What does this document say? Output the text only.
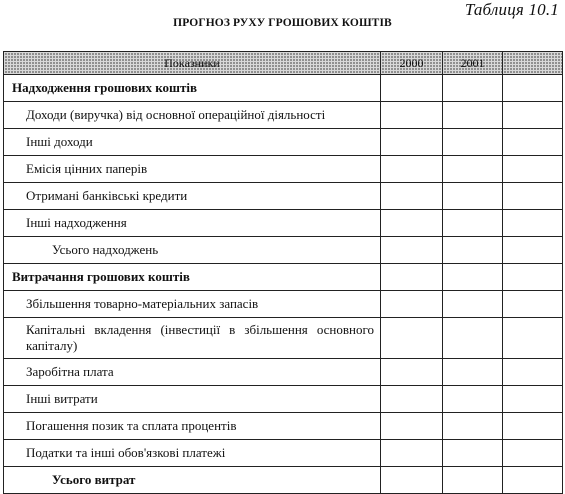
Таблиця 10.1
ПРОГНОЗ РУХУ ГРОШОВИХ КОШТІВ
Показники	2000	2001	
Надходження грошових коштів			
Доходи (виручка) від основної операційної діяльності			
Інші доходи			
Емісія цінних паперів			
Отримані банківські кредити			
Інші надходження			
Усього надходжень			
Витрачання грошових коштів			
Збільшення товарно-матеріальних запасів			
Капітальні вкладення (інвестиції в збільшення основного капіталу)			
Заробітна плата			
Інші витрати			
Погашення позик та сплата процентів			
Податки та інші обов'язкові платежі			
Усього витрат			
